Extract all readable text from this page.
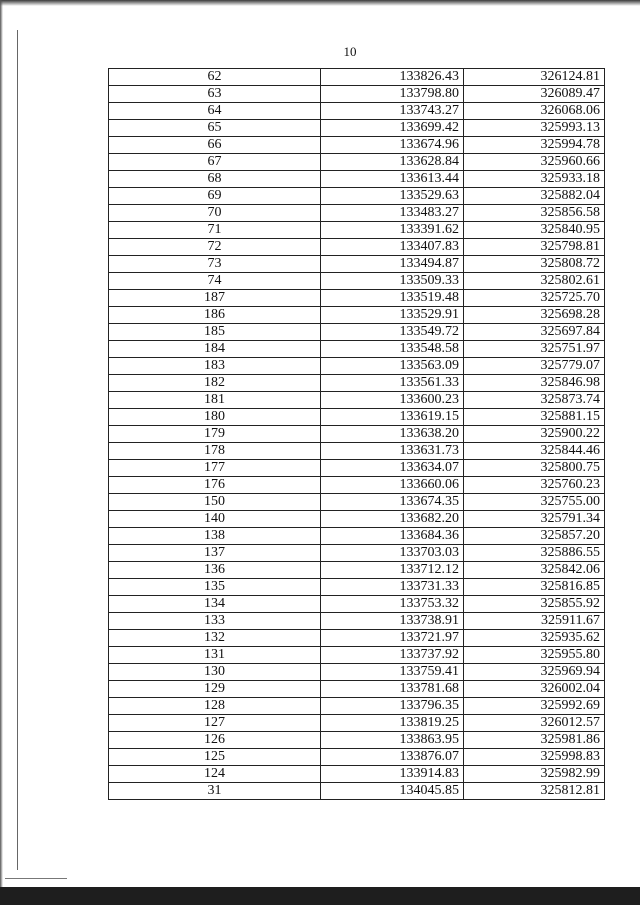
10
62	133826.43	326124.81
63	133798.80	326089.47
64	133743.27	326068.06
65	133699.42	325993.13
66	133674.96	325994.78
67	133628.84	325960.66
68	133613.44	325933.18
69	133529.63	325882.04
70	133483.27	325856.58
71	133391.62	325840.95
72	133407.83	325798.81
73	133494.87	325808.72
74	133509.33	325802.61
187	133519.48	325725.70
186	133529.91	325698.28
185	133549.72	325697.84
184	133548.58	325751.97
183	133563.09	325779.07
182	133561.33	325846.98
181	133600.23	325873.74
180	133619.15	325881.15
179	133638.20	325900.22
178	133631.73	325844.46
177	133634.07	325800.75
176	133660.06	325760.23
150	133674.35	325755.00
140	133682.20	325791.34
138	133684.36	325857.20
137	133703.03	325886.55
136	133712.12	325842.06
135	133731.33	325816.85
134	133753.32	325855.92
133	133738.91	325911.67
132	133721.97	325935.62
131	133737.92	325955.80
130	133759.41	325969.94
129	133781.68	326002.04
128	133796.35	325992.69
127	133819.25	326012.57
126	133863.95	325981.86
125	133876.07	325998.83
124	133914.83	325982.99
31	134045.85	325812.81
